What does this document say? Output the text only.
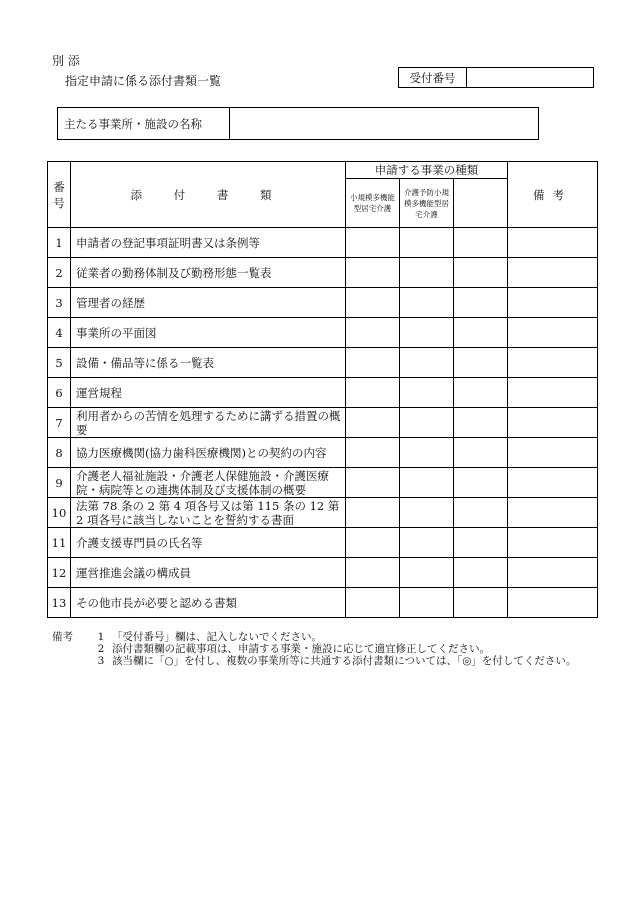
別 添
指定申請に係る添付書類一覧	受付番号
主たる事業所・施設の名称
番号	添 付 書 類	申請する事業の種類			備考
		小規模多機能型居宅介護	介護予防小規模多機能型居宅介護		
1	申請者の登記事項証明書又は条例等				
2	従業者の勤務体制及び勤務形態一覧表				
3	管理者の経歴				
4	事業所の平面図				
5	設備・備品等に係る一覧表				
6	運営規程				
7	利用者からの苦情を処理するために講ずる措置の概要				
8	協力医療機関(協力歯科医療機関)との契約の内容				
9	介護老人福祉施設・介護老人保健施設・介護医療院・病院等との連携体制及び支援体制の概要				
10	法第 78 条の 2 第 4 項各号又は第 115 条の 12 第 2 項各号に該当しないことを誓約する書面				
11	介護支援専門員の氏名等				
12	運営推進会議の構成員				
13	その他市長が必要と認める書類				
備考	1 「受付番号」欄は、記入しないでください。
2 添付書類欄の記載事項は、申請する事業・施設に応じて適宜修正してください。
3 該当欄に「○」を付し、複数の事業所等に共通する添付書類については、「◎」を付してください。
